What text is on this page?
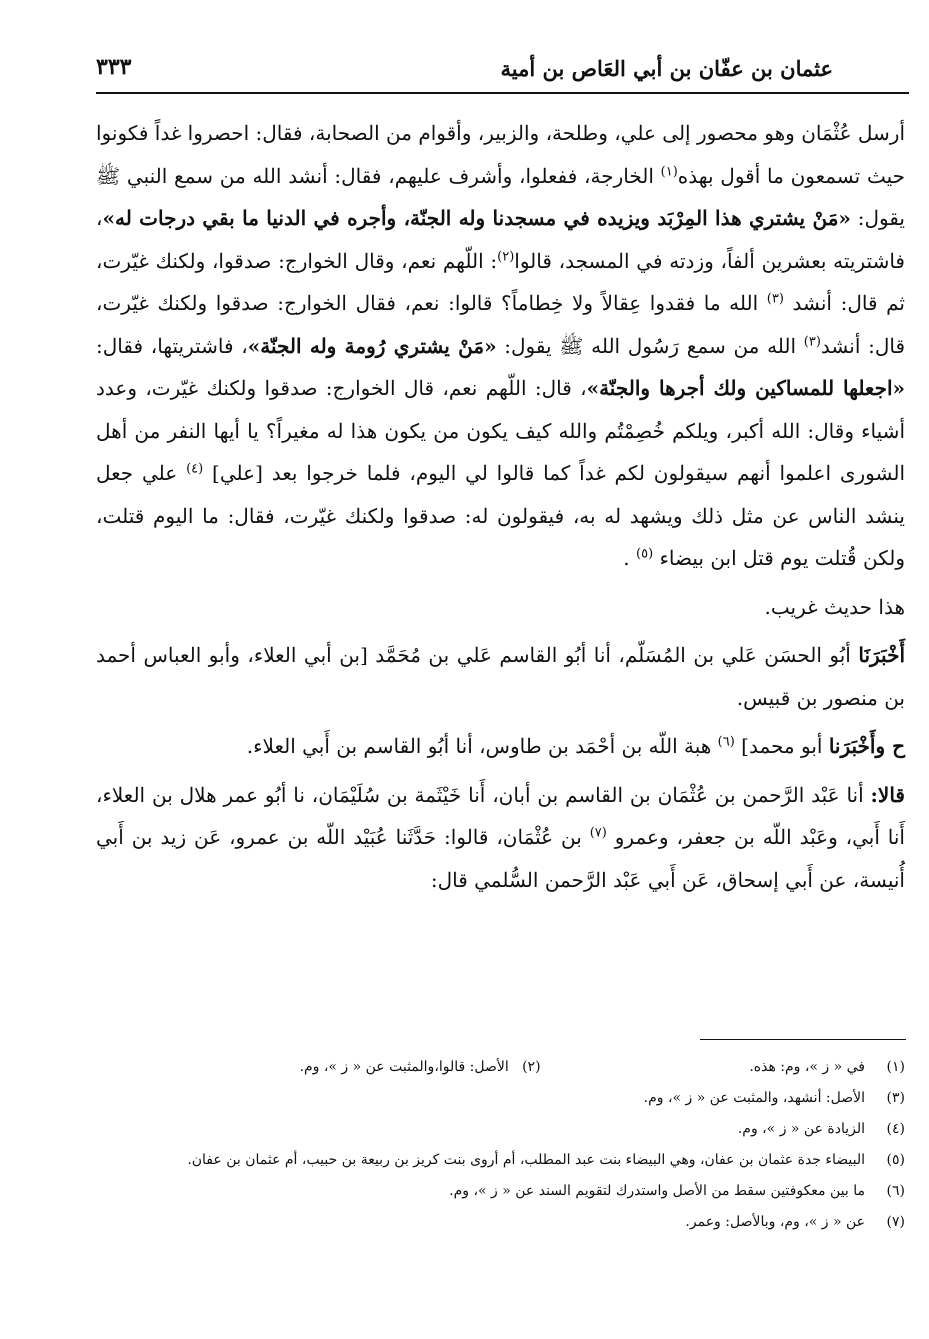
عثمان بن عفّان بن أبي العَاص بن أمية
٣٣٣

أرسل عُثْمَان وهو محصور إلى علي، وطلحة، والزبير، وأقوام من الصحابة، فقال: احصروا غداً فكونوا حيث تسمعون ما أقول بهذه$^{(١)}$ الخارجة، ففعلوا، وأشرف عليهم، فقال: أنشد الله من سمع النبي ﷺ يقول: «مَنْ يشتري هذا المِرْبَد ويزيده في مسجدنا وله الجنّة، وأجره في الدنيا ما بقي درجات له»، فاشتريته بعشرين ألفاً، وزدته في المسجد، قالوا$^{(٢)}$: اللّهم نعم، وقال الخوارج: صدقوا، ولكنك غيّرت، ثم قال: أنشد $^{(٣)}$ الله ما فقدوا عِقالاً ولا خِطاماً؟ قالوا: نعم، فقال الخوارج: صدقوا ولكنك غيّرت، قال: أنشد$^{(٣)}$ الله من سمع رَسُول الله ﷺ يقول: «مَنْ يشتري رُومة وله الجنّة»، فاشتريتها، فقال: «اجعلها للمساكين ولك أجرها والجنّة»، قال: اللّهم نعم، قال الخوارج: صدقوا ولكنك غيّرت، وعدد أشياء وقال: الله أكبر، ويلكم خُصِمْتُم والله كيف يكون من يكون هذا له مغيراً؟ يا أيها النفر من أهل الشورى اعلموا أنهم سيقولون لكم غداً كما قالوا لي اليوم، فلما خرجوا بعد [علي] $^{(٤)}$ علي جعل ينشد الناس عن مثل ذلك ويشهد له به، فيقولون له: صدقوا ولكنك غيّرت، فقال: ما اليوم قتلت، ولكن قُتلت يوم قتل ابن بيضاء $^{(٥)}$ .

هذا حديث غريب.

أَخْبَرَنَا أبُو الحسَن عَلي بن المُسَلّم، أنا أبُو القاسم عَلي بن مُحَمَّد [بن أبي العلاء، وأبو العباس أحمد بن منصور بن قبيس.

ح وأَخْبَرَنا أبو محمد] $^{(٦)}$ هبة اللّه بن أحْمَد بن طاوس، أنا أبُو القاسم بن أَبي العلاء.

قالا: أنا عَبْد الرَّحمن بن عُثْمَان بن القاسم بن أبان، أَنا خَيْثَمة بن سُلَيْمَان، نا أبُو عمر هلال بن العلاء، أَنا أَبي، وعَبْد اللّه بن جعفر، وعمرو $^{(٧)}$ بن عُثْمَان، قالوا: حَدَّثَنا عُبَيْد اللّه بن عمرو، عَن زيد بن أَبي أُنيسة، عن أَبي إسحاق، عَن أَبي عَبْد الرَّحمن السُّلمي قال:

(١)
في « ز »، وم: هذه. (٢)   الأصل: قالوا،والمثبت عن « ز »، وم.
(٣)
الأصل: أنشهد، والمثبت عن « ز »، وم.
(٤)
الزيادة عن « ز »، وم.
(٥)
البيضاء جدة عثمان بن عفان، وهي البيضاء بنت عبد المطلب، أم أروى بنت كريز بن ربيعة بن حبيب، أم عثمان بن عفان.
(٦)
ما بين معكوفتين سقط من الأصل واستدرك لتقويم السند عن « ز »، وم.
(٧)
عن « ز »، وم، وبالأصل: وعمر.
